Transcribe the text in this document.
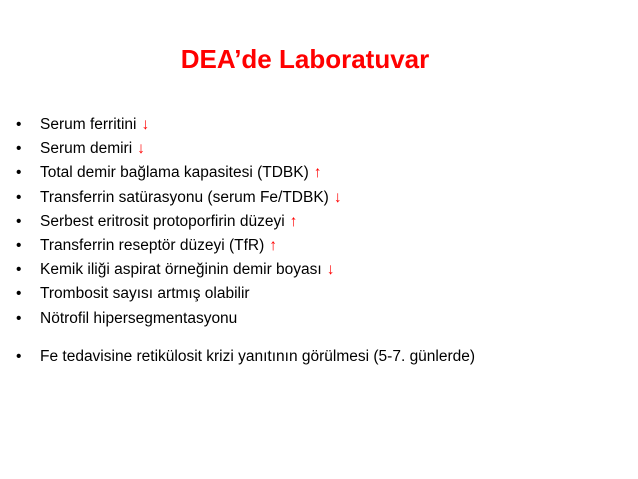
DEA’de Laboratuvar
•	Serum ferritini ↓
•	Serum demiri ↓
•	Total demir bağlama kapasitesi (TDBK) ↑
•	Transferrin satürasyonu (serum Fe/TDBK) ↓
•	Serbest eritrosit protoporfirin düzeyi ↑
•	Transferrin reseptör düzeyi (TfR) ↑
•	Kemik iliği aspirat örneğinin demir boyası ↓
•	Trombosit sayısı artmış olabilir
•	Nötrofil hipersegmentasyonu
•	Fe tedavisine retikülosit krizi yanıtının görülmesi (5-7. günlerde)
